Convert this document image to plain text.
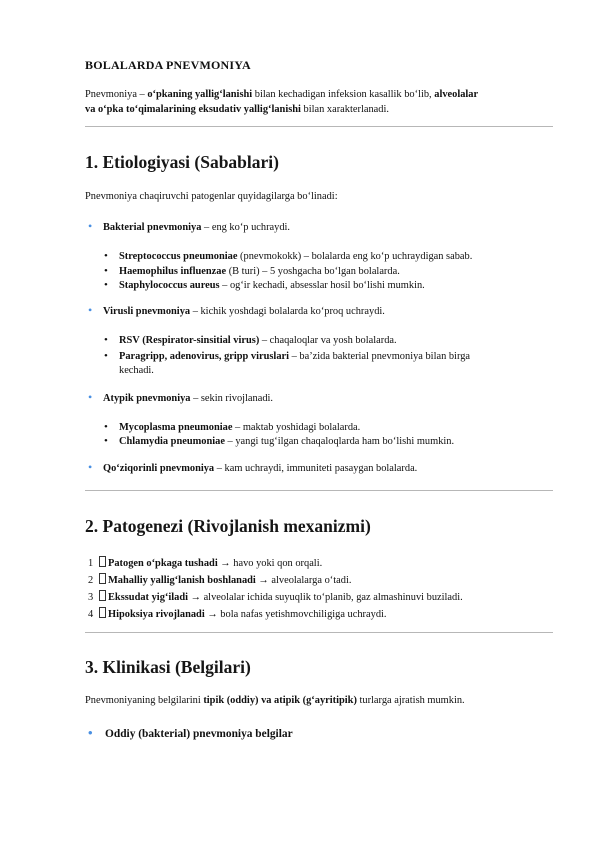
BOLALARDA PNEVMONIYA
Pnevmoniya – o‘pkaning yallig‘lanishi bilan kechadigan infeksion kasallik bo‘lib, alveolalar
va o‘pka to‘qimalarining eksudativ yallig‘lanishi bilan xarakterlanadi.
1. Etiologiyasi (Sabablari)

Pnevmoniya chaqiruvchi patogenlar quyidagilarga bo‘linadi:

• Bakterial pnevmoniya – eng ko‘p uchraydi.

• Streptococcus pneumoniae (pnevmokokk) – bolalarda eng ko‘p uchraydigan sabab.

• Haemophilus influenzae (B turi) – 5 yoshgacha bo‘lgan bolalarda.

• Staphylococcus aureus – og‘ir kechadi, absesslar hosil bo‘lishi mumkin.

• Virusli pnevmoniya – kichik yoshdagi bolalarda ko‘proq uchraydi.

• RSV (Respirator-sinsitial virus) – chaqaloqlar va yosh bolalarda.

• Paragripp, adenovirus, gripp viruslari – ba’zida bakterial pnevmoniya bilan birga
kechadi.

• Atypik pnevmoniya – sekin rivojlanadi.

• Mycoplasma pneumoniae – maktab yoshidagi bolalarda.

• Chlamydia pneumoniae – yangi tug‘ilgan chaqaloqlarda ham bo‘lishi mumkin.

• Qo‘ziqorinli pnevmoniya – kam uchraydi, immuniteti pasaygan bolalarda.

2. Patogenezi (Rivojlanish mexanizmi)

1 Patogen o‘pkaga tushadi → havo yoki qon orqali.

2 Mahalliy yallig‘lanish boshlanadi → alveolalarga o‘tadi.

3 Ekssudat yig‘iladi → alveolalar ichida suyuqlik to‘planib, gaz almashinuvi buziladi.

4 Hipoksiya rivojlanadi → bola nafas yetishmovchiligiga uchraydi.

3. Klinikasi (Belgilari)

Pnevmoniyaning belgilarini tipik (oddiy) va atipik (g‘ayritipik) turlarga ajratish mumkin.

• Oddiy (bakterial) pnevmoniya belgilar
